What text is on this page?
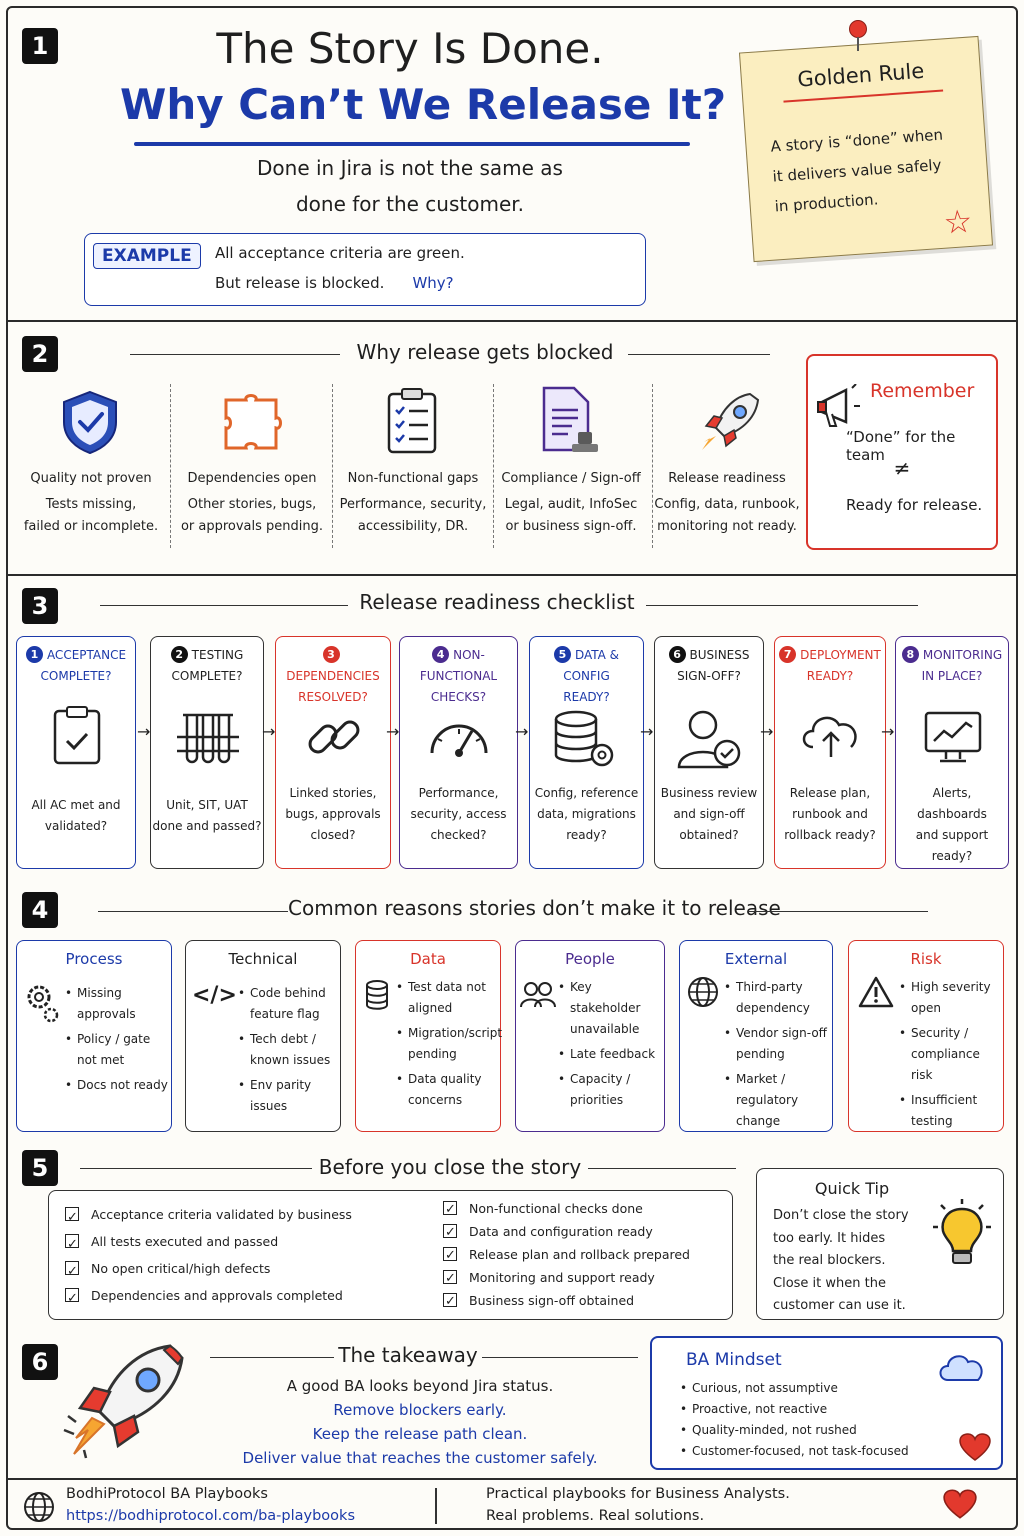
1	The Story Is Done.
Why Can’t We Release It?
Done in Jira is not the same as
done for the customer.
EXAMPLE	All acceptance criteria are green.
But release is blocked. Why?
Golden Rule
A story is “done” when
it delivers value safely
in production.	☆
2	Why release gets blocked
Quality not proven
Tests missing,
failed or incomplete.
Dependencies open
Other stories, bugs,
or approvals pending.
Non-functional gaps
Performance, security,
accessibility, DR.
Compliance / Sign-off
Legal, audit, InfoSec
or business sign-off.
Release readiness
Config, data, runbook,
monitoring not ready.
Remember
“Done” for the team
≠
Ready for release.
3	Release readiness checklist
1 ACCEPTANCE
COMPLETE?
All AC met and
validated?
2 TESTING
COMPLETE?
Unit, SIT, UAT
done and passed?
3DEPENDENCIES
RESOLVED?
Linked stories,
bugs, approvals
closed?
4 NON-FUNCTIONAL
CHECKS?
Performance,
security, access
checked?
5 DATA & CONFIG
READY?
Config, reference
data, migrations
ready?
6 BUSINESS
SIGN-OFF?
Business review
and sign-off
obtained?
7 DEPLOYMENT
READY?
Release plan,
runbook and
rollback ready?
8 MONITORING
IN PLACE?
Alerts, dashboards
and support
ready?
→	→	→	→	→	→	→
4	Common reasons stories don’t make it to release
Process
• Missing approvals
• Policy / gate not met
• Docs not ready
Technical
</>
•	Code behind feature flag
• Tech debt / known issues
• Env parity issues
Data
• Test data not aligned
• Migration/script pending
• Data quality concerns
People
• Key stakeholder unavailable
• Late feedback
• Capacity / priorities
External
• Third-party dependency
• Vendor sign-off pending
• Market / regulatory change
Risk
• High severity open
• Security / compliance risk
• Insufficient testing
5	Before you close the story
✓Acceptance criteria validated by business
✓All tests executed and passed
✓No open critical/high defects
✓Dependencies and approvals completed
✓Non-functional checks done
✓Data and configuration ready
✓Release plan and rollback prepared
✓Monitoring and support ready
✓Business sign-off obtained
Quick Tip
Don’t close the story
too early. It hides
the real blockers.
Close it when the
customer can use it.
6	The takeaway
A good BA looks beyond Jira status.
Remove blockers early.
Keep the release path clean.
Deliver value that reaches the customer safely.
BA Mindset
• Curious, not assumptive
• Proactive, not reactive
• Quality-minded, not rushed
• Customer-focused, not task-focused
BodhiProtocol BA Playbooks
https://bodhiprotocol.com/ba-playbooks
Practical playbooks for Business Analysts.
Real problems. Real solutions.
